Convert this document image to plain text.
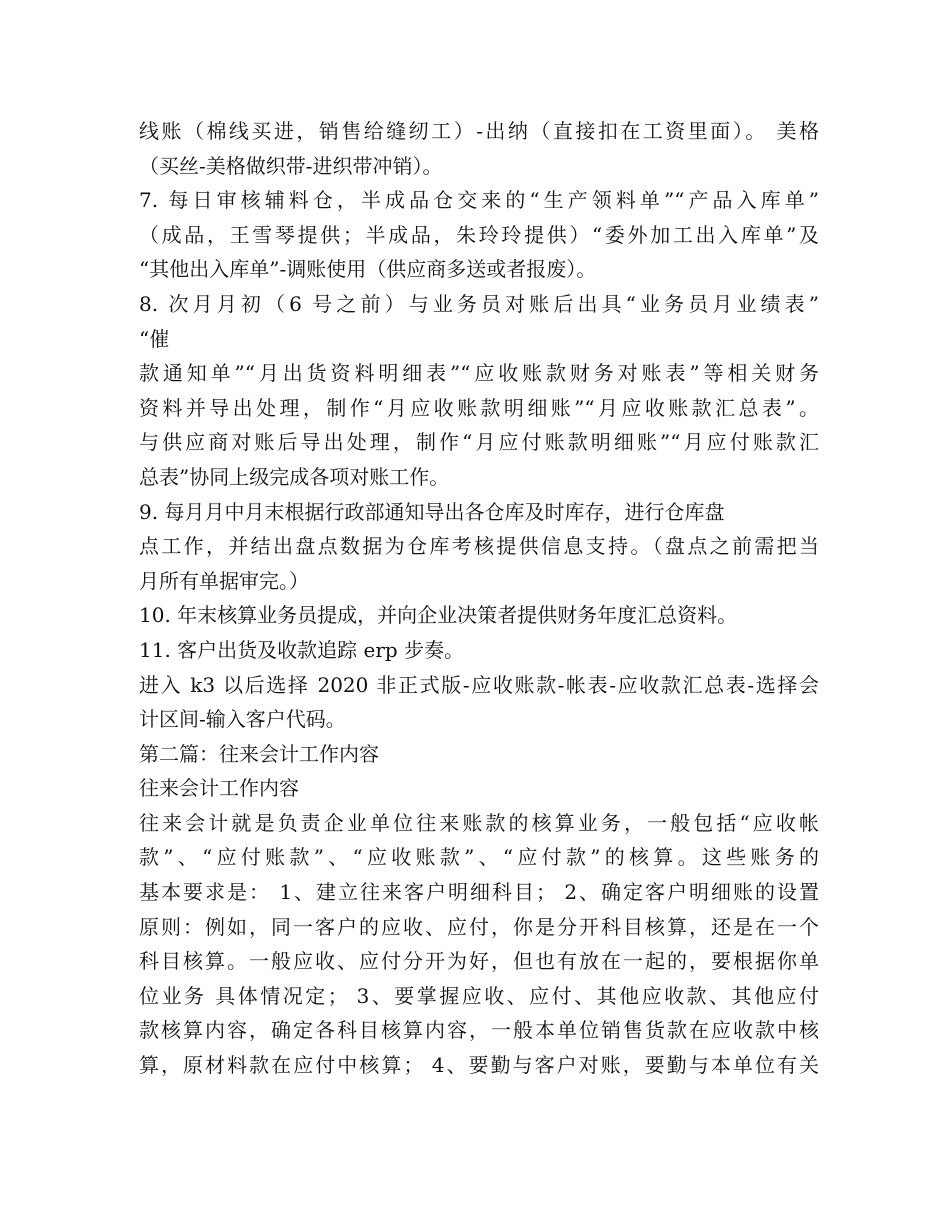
线账（棉线买进，销售给缝纫工）-出纳（直接扣在工资里面）。 美格
（买丝-美格做织带-进织带冲销）。
7. 每日审核辅料仓，半成品仓交来的“生产领料单”“产品入库单”
（成品，王雪琴提供；半成品，朱玲玲提供）“委外加工出入库单”及
“其他出入库单”-调账使用（供应商多送或者报废）。
8. 次月月初（6 号之前）与业务员对账后出具“业务员月业绩表”
“催
款通知单”“月出货资料明细表”“应收账款财务对账表”等相关财务
资料并导出处理，制作“月应收账款明细账”“月应收账款汇总表”。
与供应商对账后导出处理，制作“月应付账款明细账”“月应付账款汇
总表”协同上级完成各项对账工作。
9. 每月月中月末根据行政部通知导出各仓库及时库存，进行仓库盘
点工作，并结出盘点数据为仓库考核提供信息支持。（盘点之前需把当
月所有单据审完。）
10. 年末核算业务员提成，并向企业决策者提供财务年度汇总资料。
11. 客户出货及收款追踪 erp 步奏。
进入 k3 以后选择 2020 非正式版-应收账款-帐表-应收款汇总表-选择会
计区间-输入客户代码。
第二篇：往来会计工作内容
往来会计工作内容
往来会计就是负责企业单位往来账款的核算业务，一般包括“应收帐
款”、“应付账款”、“应收账款”、“应付款”的核算。这些账务的
基本要求是： 1、建立往来客户明细科目； 2、确定客户明细账的设置
原则：例如，同一客户的应收、应付，你是分开科目核算，还是在一个
科目核算。一般应收、应付分开为好，但也有放在一起的，要根据你单
位业务 具体情况定； 3、要掌握应收、应付、其他应收款、其他应付
款核算内容，确定各科目核算内容，一般本单位销售货款在应收款中核
算，原材料款在应付中核算； 4、要勤与客户对账，要勤与本单位有关
